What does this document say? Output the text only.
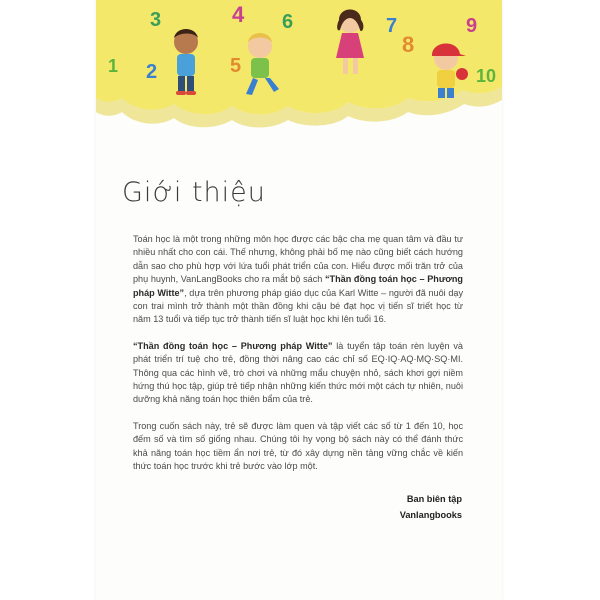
1 2
3	4
5
6	7
8
9
10
Giới thiệu

Toán học là một trong những môn học được các bậc cha mẹ quan tâm và đầu tư nhiều nhất cho con cái. Thế nhưng, không phải bố mẹ nào cũng biết cách hướng dẫn sao cho phù hợp với lứa tuổi phát triển của con. Hiểu được mối trăn trở của phụ huynh, VanLangBooks cho ra mắt bộ sách “Thần đồng toán học – Phương pháp Witte”, dựa trên phương pháp giáo dục của Karl Witte – người đã nuôi dạy con trai mình trở thành một thần đồng khi cậu bé đạt học vị tiến sĩ triết học từ năm 13 tuổi và tiếp tục trở thành tiến sĩ luật học khi lên tuổi 16.

“Thần đồng toán học – Phương pháp Witte” là tuyển tập toán rèn luyện và phát triển trí tuệ cho trẻ, đồng thời nâng cao các chỉ số EQ·IQ·AQ·MQ·SQ·MI. Thông qua các hình vẽ, trò chơi và những mẩu chuyện nhỏ, sách khơi gợi niềm hứng thú học tập, giúp trẻ tiếp nhận những kiến thức mới một cách tự nhiên, nuôi dưỡng khả năng toán học thiên bẩm của trẻ.

Trong cuốn sách này, trẻ sẽ được làm quen và tập viết các số từ 1 đến 10, học đếm số và tìm số giống nhau. Chúng tôi hy vọng bộ sách này có thể đánh thức khả năng toán học tiềm ẩn nơi trẻ, từ đó xây dựng nền tảng vững chắc về kiến thức toán học trước khi trẻ bước vào lớp một.

Ban biên tập
Vanlangbooks
